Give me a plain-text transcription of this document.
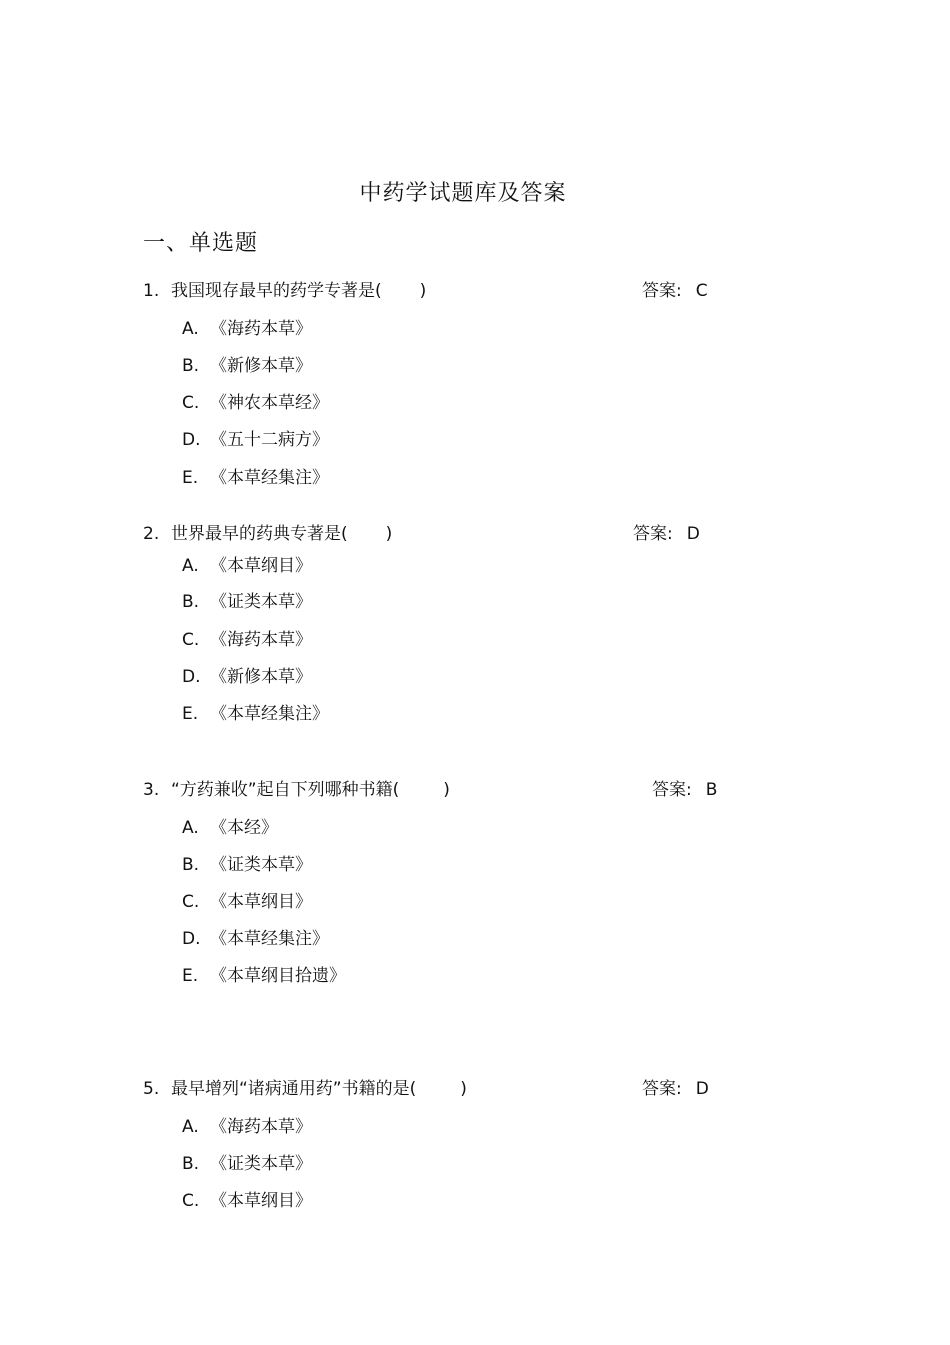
中药学试题库及答案
一、单选题
1. 我国现存最早的药学专著是( )	答案: C
A. 《海药本草》
B. 《新修本草》
C. 《神农本草经》
D. 《五十二病方》
E. 《本草经集注》
2. 世界最早的药典专著是( )	答案: D
A. 《本草纲目》
B. 《证类本草》
C. 《海药本草》
D. 《新修本草》
E. 《本草经集注》
3. “方药兼收”起自下列哪种书籍(	)	答案: B
A. 《本经》
B. 《证类本草》
C. 《本草纲目》
D. 《本草经集注》
E. 《本草纲目拾遗》
5. 最早增列“诸病通用药”书籍的是(	)	答案: D
A. 《海药本草》
B. 《证类本草》
C. 《本草纲目》
